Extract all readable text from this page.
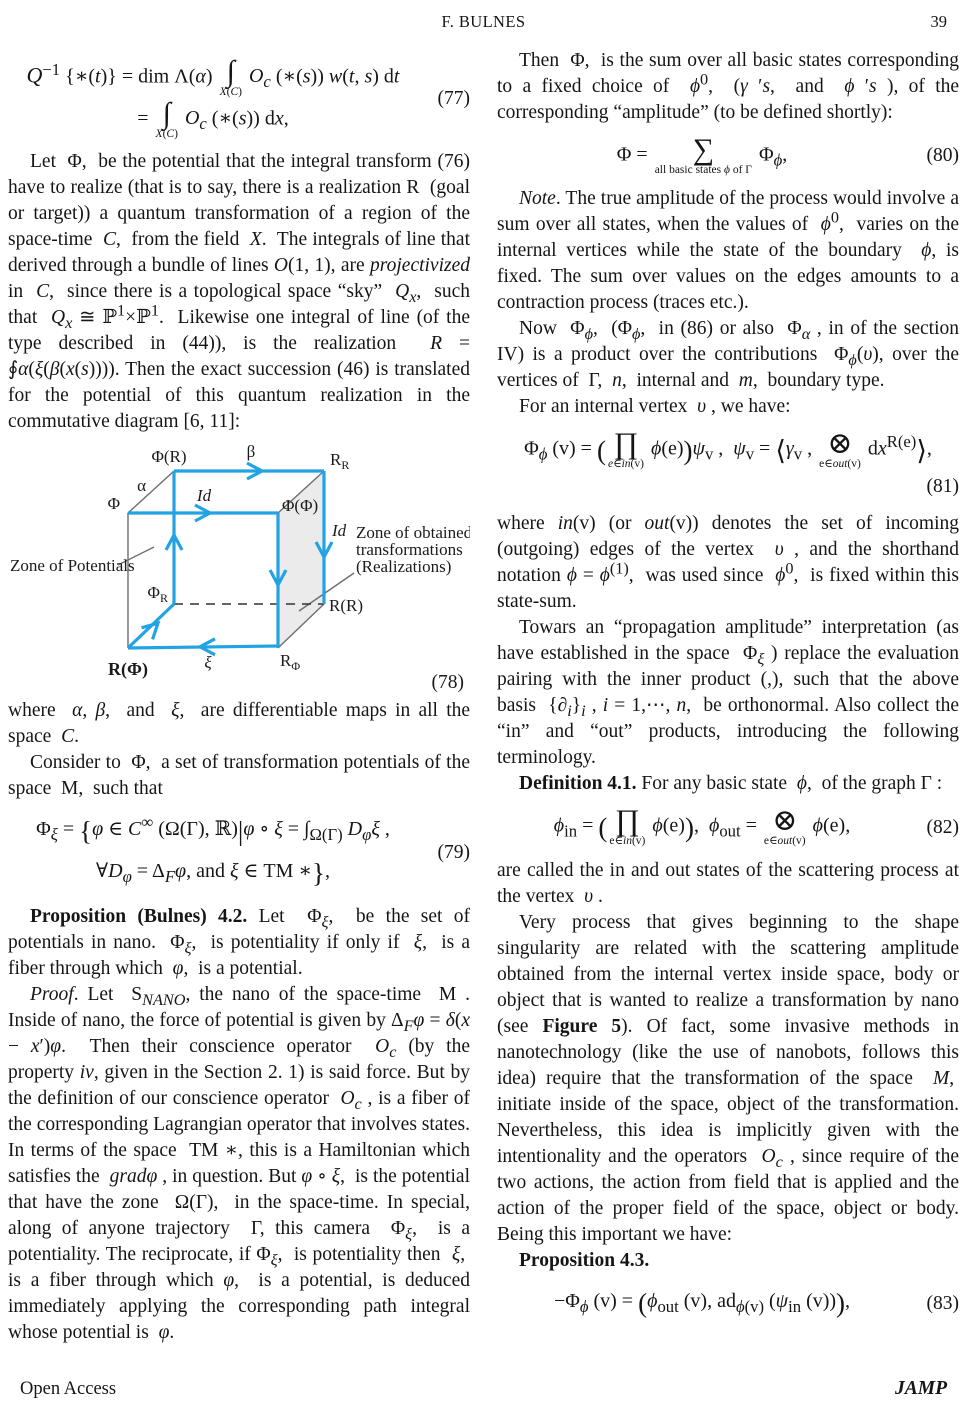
F. BULNES	39
$Q^{-1}$ {∗(t)} = dim Λ(α) ∫
X(C)
$O_c$ (∗(s)) w(t, s) dt
= ∫
X(C)
$O_c$ (∗(s)) dx,
(77)

Let  Φ,  be the potential that the integral transform (76) have to realize (that is to say, there is a realization R  (goal or target)) a quantum transformation of a region of the space-time  C,  from the field  X.  The integrals of line that derived through a bundle of lines O(1, 1), are projectivized in  C,  since there is a topological space “sky”  $Q_x$,  such that  $Q_x$ ≅ ℙ$^1$×ℙ$^1$.  Likewise one integral of line (of the type described in (44)), is the realization  R = ∮α(ξ(β(x(s)))). Then the exact succession (46) is translated for the potential of this quantum realization in the commutative diagram [6, 11]:

Φ(R)	β	$R_R$
α
Φ	Id
Φ(Φ)
Id
$\Phi_R$	R(R)
R(Φ)	ξ	$R_\Phi$
Zone of Potentials
Zone of obtained
transformations
(Realizations)
(78)

where  α, β,  and  ξ,  are differentiable maps in all the space  C.

Consider to  Φ,  a set of transformation potentials of the space  M,  such that

$\Phi_\xi = \{\varphi$ ∈ C∞ (Ω(Γ), ℝ)|φ ∘ $\xi = \int_{\Omega(\Gamma)}$ $D_\varphi\xi$ ,
$\forall D_\varphi = \Delta_F\varphi$, and ξ ∈ TM ∗},
(79)

Proposition (Bulnes) 4.2. Let  $\Phi_\xi$,  be the set of potentials in nano.  $\Phi_\xi$,  is potentiality if only if  ξ,  is a fiber through which  φ,  is a potential.

Proof. Let  $S_{NANO}$, the nano of the space-time  M . Inside of nano, the force of potential is given by $\Delta_F\varphi = \delta(x - x')\varphi$.  Then their conscience operator  $O_c$ (by the property iv, given in the Section 2. 1) is said force. But by the definition of our conscience operator  $O_c$ , is a fiber of the corresponding Lagrangian operator that involves states. In terms of the space  TM ∗, this is a Hamiltonian which satisfies the  gradφ , in question. But φ ∘ ξ,  is the potential that have the zone  Ω(Γ),  in the space-time. In special, along of anyone trajectory  Γ, this camera  $\Phi_\xi$,  is a potentiality. The reciprocate, if $\Phi_\xi$,  is potentiality then  ξ,  is a fiber through which φ,  is a potential, is deduced immediately applying the corresponding path integral whose potential is  φ.

Then  Φ,  is the sum over all basic states corresponding to a fixed choice of  $\phi^0$,  (γ ′s,  and  ϕ ′s ), of the corresponding “amplitude” (to be defined shortly):

Φ = ∑
all basic states ϕ of Γ
$\Phi_\phi$,	(80)

Note. The true amplitude of the process would involve a sum over all states, when the values of  $\phi^0$,  varies on the internal vertices while the state of the boundary  ϕ, is fixed. The sum over values on the edges amounts to a contraction process (traces etc.).

Now  $\Phi_\phi$,  ($\Phi_\phi$,  in (86) or also  $\Phi_\alpha$ , in of the section IV) is a product over the contributions  $\Phi_\phi(\upsilon)$, over the vertices of  Γ,  n,  internal and  m,  boundary type.

For an internal vertex  υ , we have:

$\Phi_\phi$ (v) = ( ∏
e∈in(v)
$\phi(e))\psi_v$ ,  $\psi_v$ = $⟨\gamma_v$ , ⊗
e∈out(v)
$dx^{R(e)}⟩$,
(81)

where in(v) (or out(v)) denotes the set of incoming (outgoing) edges of the vertex  υ , and the shorthand notation $\phi = \phi^{(1)}$,  was used since  $\phi^0$,  is fixed within this state-sum.

Towars an “propagation amplitude” interpretation (as have established in the space  $\Phi_\xi$ ) replace the evaluation pairing with the inner product (,), such that the above basis  $\{\partial_i\}_i$ , i = 1,⋯, n,  be orthonormal. Also collect the “in” and “out” products, introducing the following terminology.

Definition 4.1. For any basic state  ϕ,  of the graph Γ :

$\phi_{in}$ = ( ∏
e∈in(v)
ϕ(e)),  $\phi_{out}$ = ⊗
e∈out(v)
ϕ(e),	(82)

are called the in and out states of the scattering process at the vertex  υ .

Very process that gives beginning to the shape singularity are related with the scattering amplitude obtained from the internal vertex inside space, body or object that is wanted to realize a transformation by nano (see Figure 5). Of fact, some invasive methods in nanotechnology (like the use of nanobots, follows this idea) require that the transformation of the space  M,  initiate inside of the space, object of the transformation. Nevertheless, this idea is implicitly given with the intentionality and the operators  $O_c$ , since require of the two actions, the action from field that is applied and the action of the proper field of the space, object or body. Being this important we have:

Proposition 4.3.

$-\Phi_\phi$ $(v) = (\phi_{out}$ (v), $ad_{\phi(v)}$ ($\psi_{in}$ (v))),	(83)
Open Access	JAMP
